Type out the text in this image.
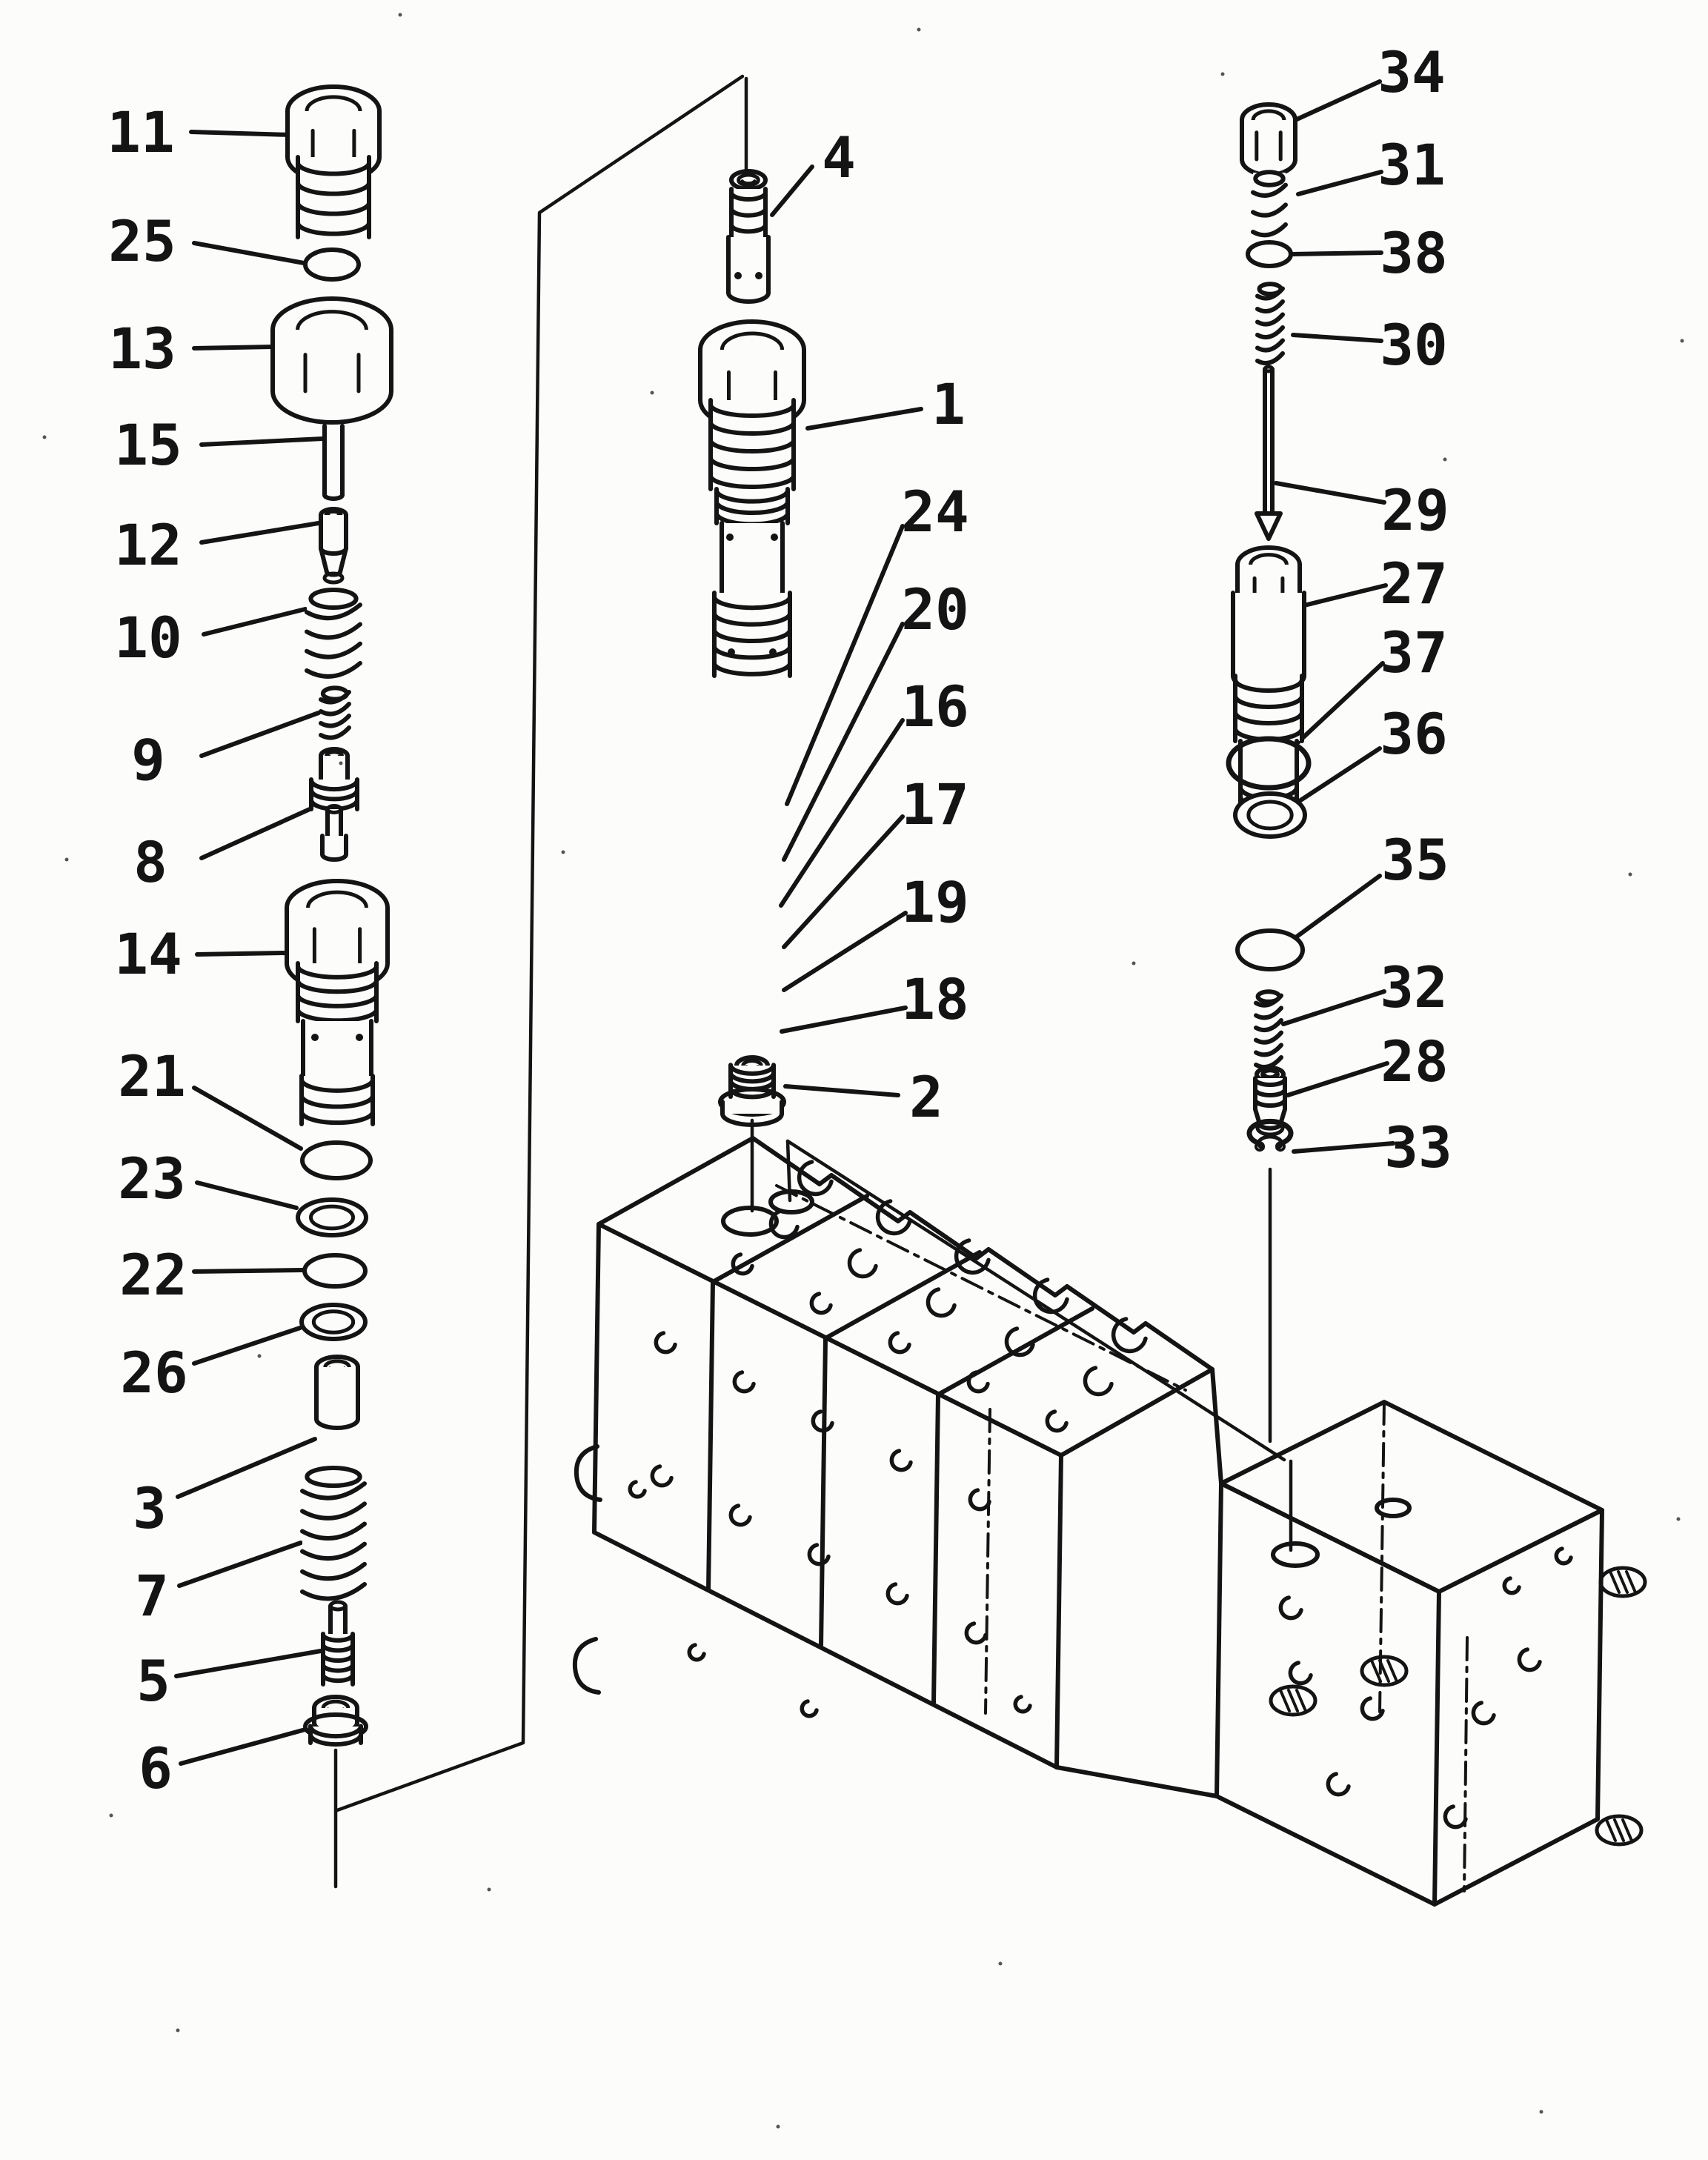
11
25
13
15
12
10
9
8
14
21
23
22
26
3
7
5
6
4
1
24
20
16
17
19
18
2
34
31
38
30
29
27
37
36
35
32
28
33
